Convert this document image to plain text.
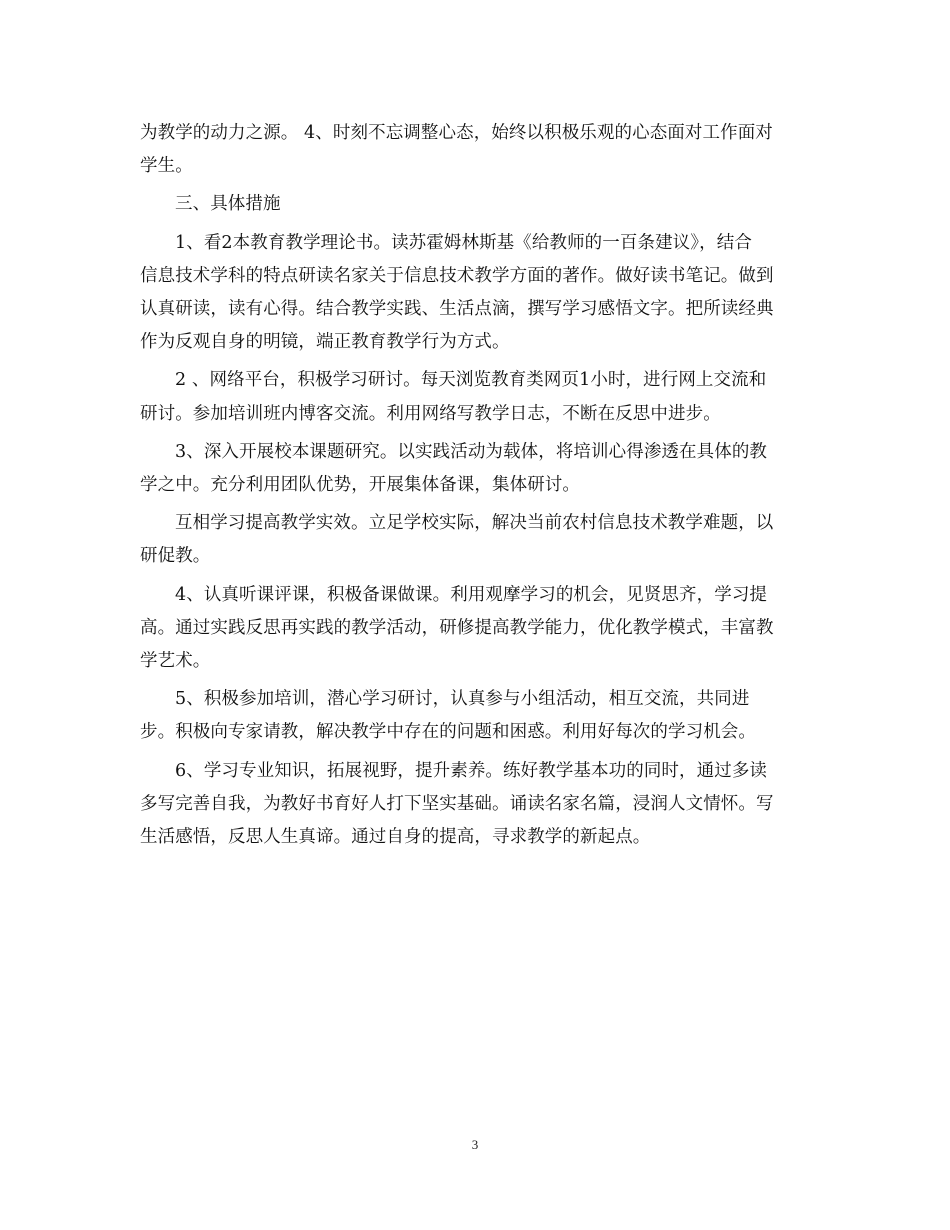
为教学的动力之源。 4、时刻不忘调整心态，始终以积极乐观的心态面对工作面对
学生。

三、具体措施

1、看2本教育教学理论书。读苏霍姆林斯基《给教师的一百条建议》，结合
信息技术学科的特点研读名家关于信息技术教学方面的著作。做好读书笔记。做到
认真研读，读有心得。结合教学实践、生活点滴，撰写学习感悟文字。把所读经典
作为反观自身的明镜，端正教育教学行为方式。

2 、网络平台，积极学习研讨。每天浏览教育类网页1小时，进行网上交流和
研讨。参加培训班内博客交流。利用网络写教学日志，不断在反思中进步。

3、深入开展校本课题研究。以实践活动为载体，将培训心得渗透在具体的教
学之中。充分利用团队优势，开展集体备课，集体研讨。

互相学习提高教学实效。立足学校实际，解决当前农村信息技术教学难题，以
研促教。

4、认真听课评课，积极备课做课。利用观摩学习的机会，见贤思齐，学习提
高。通过实践反思再实践的教学活动，研修提高教学能力，优化教学模式，丰富教
学艺术。

5、积极参加培训，潜心学习研讨，认真参与小组活动，相互交流，共同进
步。积极向专家请教，解决教学中存在的问题和困惑。利用好每次的学习机会。

6、学习专业知识，拓展视野，提升素养。练好教学基本功的同时，通过多读
多写完善自我，为教好书育好人打下坚实基础。诵读名家名篇，浸润人文情怀。写
生活感悟，反思人生真谛。通过自身的提高，寻求教学的新起点。

3
